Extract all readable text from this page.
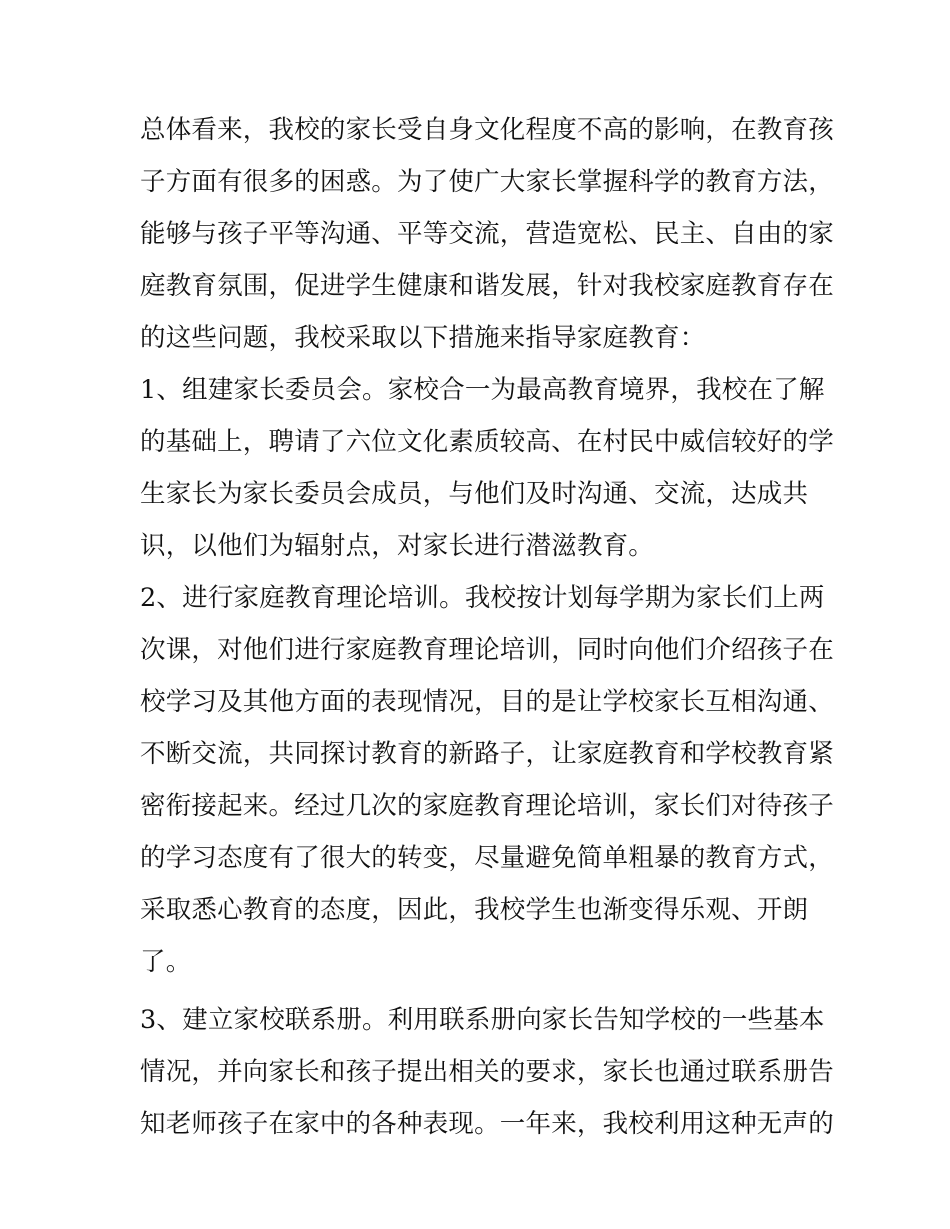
总体看来，我校的家长受自身文化程度不高的影响，在教育孩
子方面有很多的困惑。为了使广大家长掌握科学的教育方法，
能够与孩子平等沟通、平等交流，营造宽松、民主、自由的家
庭教育氛围，促进学生健康和谐发展，针对我校家庭教育存在
的这些问题，我校采取以下措施来指导家庭教育：
1、组建家长委员会。家校合一为最高教育境界，我校在了解
的基础上，聘请了六位文化素质较高、在村民中威信较好的学
生家长为家长委员会成员，与他们及时沟通、交流，达成共
识，以他们为辐射点，对家长进行潜滋教育。
2、进行家庭教育理论培训。我校按计划每学期为家长们上两
次课，对他们进行家庭教育理论培训，同时向他们介绍孩子在
校学习及其他方面的表现情况，目的是让学校家长互相沟通、
不断交流，共同探讨教育的新路子，让家庭教育和学校教育紧
密衔接起来。经过几次的家庭教育理论培训，家长们对待孩子
的学习态度有了很大的转变，尽量避免简单粗暴的教育方式，
采取悉心教育的态度，因此，我校学生也渐变得乐观、开朗
了。
3、建立家校联系册。利用联系册向家长告知学校的一些基本
情况，并向家长和孩子提出相关的要求，家长也通过联系册告
知老师孩子在家中的各种表现。一年来，我校利用这种无声的
